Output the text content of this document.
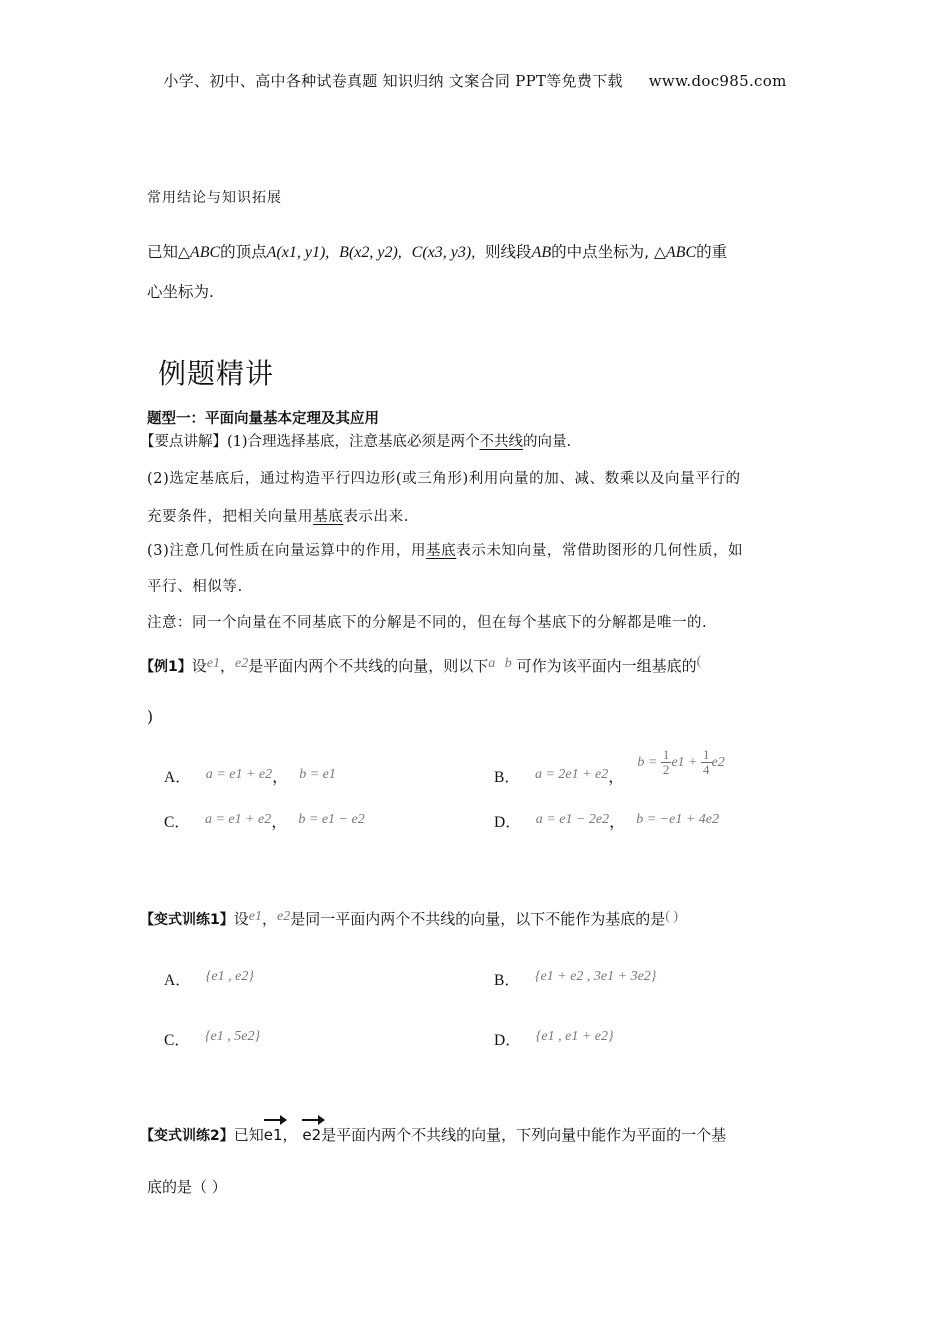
小学、初中、高中各种试卷真题 知识归纳 文案合同 PPT等免费下载 www.doc985.com
常用结论与知识拓展
已知△ABC的顶点A(x1, y1), B(x2, y2), C(x3, y3), 则线段AB的中点坐标为, △ABC的重
心坐标为.
例题精讲
题型一：平面向量基本定理及其应用
【要点讲解】(1)合理选择基底，注意基底必须是两个不共线的向量.
(2)选定基底后，通过构造平行四边形(或三角形)利用向量的加、减、数乘以及向量平行的
充要条件，把相关向量用基底表示出来.
(3)注意几何性质在向量运算中的作用，用基底表示未知向量，常借助图形的几何性质，如
平行、相似等.
注意：同一个向量在不同基底下的分解是不同的，但在每个基底下的分解都是唯一的.
【例1】设e1，e2是平面内两个不共线的向量，则以下a b 可作为该平面内一组基底的(
)
A． a = e1 + e2， b = e1	B． a = 2e1 + e2， $b = \frac{1}{2} e1 + \frac{1}{4} e2$
C． a = e1 + e2， b = e1 − e2	D． a = e1 − 2e2， b = −e1 + 4e2
【变式训练1】设e1，e2是同一平面内两个不共线的向量，以下不能作为基底的是( )
A． {e1 , e2}	B． {e1 + e2 , 3e1 + 3e2}
C． {e1 , 5e2}	D． {e1 , e1 + e2}
【变式训练2】已知e1， e2是平面内两个不共线的向量，下列向量中能作为平面的一个基
底的是（ ）
